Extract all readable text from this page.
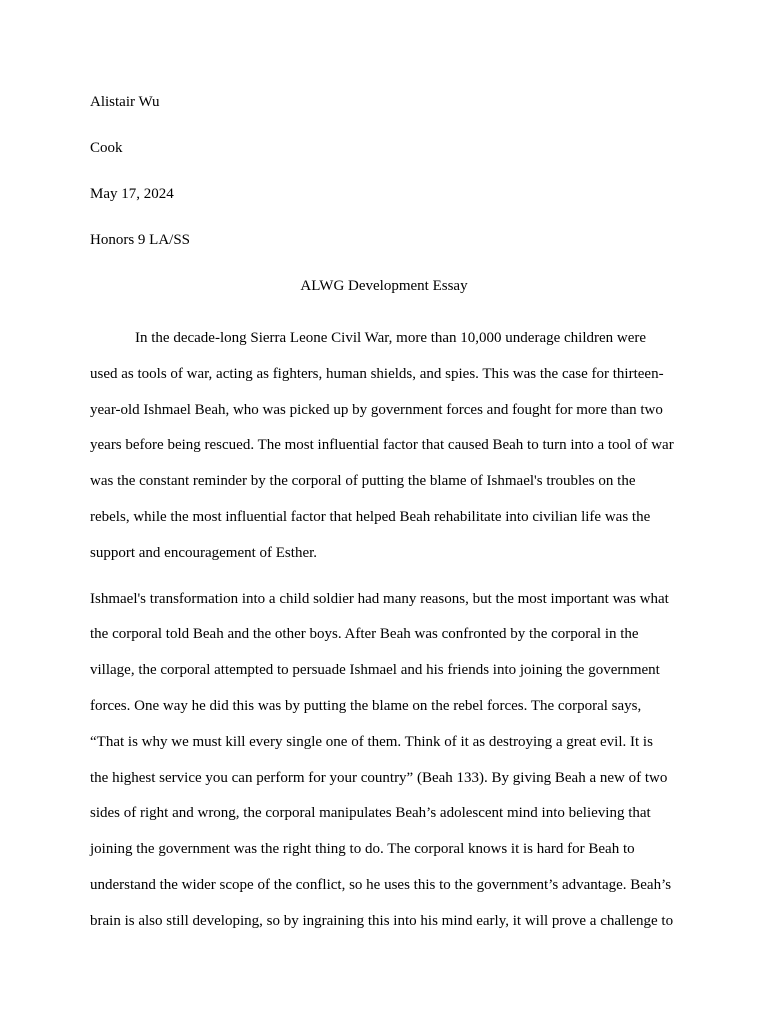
Alistair Wu

Cook

May 17, 2024

Honors 9 LA/SS

ALWG Development Essay

In the decade-long Sierra Leone Civil War, more than 10,000 underage children were
used as tools of war, acting as fighters, human shields, and spies. This was the case for thirteen-
year-old Ishmael Beah, who was picked up by government forces and fought for more than two
years before being rescued. The most influential factor that caused Beah to turn into a tool of war
was the constant reminder by the corporal of putting the blame of Ishmael's troubles on the
rebels, while the most influential factor that helped Beah rehabilitate into civilian life was the
support and encouragement of Esther.

Ishmael's transformation into a child soldier had many reasons, but the most important was what
the corporal told Beah and the other boys. After Beah was confronted by the corporal in the
village, the corporal attempted to persuade Ishmael and his friends into joining the government
forces. One way he did this was by putting the blame on the rebel forces. The corporal says,
“That is why we must kill every single one of them. Think of it as destroying a great evil. It is
the highest service you can perform for your country” (Beah 133). By giving Beah a new of two
sides of right and wrong, the corporal manipulates Beah’s adolescent mind into believing that
joining the government was the right thing to do. The corporal knows it is hard for Beah to
understand the wider scope of the conflict, so he uses this to the government’s advantage. Beah’s
brain is also still developing, so by ingraining this into his mind early, it will prove a challenge to
